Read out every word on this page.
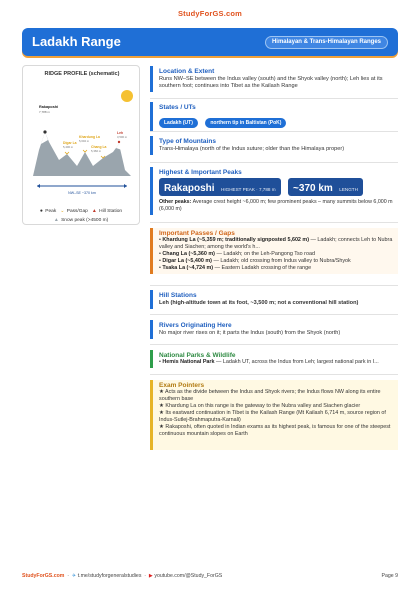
StudyForGS.com
Ladakh Range	Himalayan & Trans-Himalayan Ranges
RIDGE PROFILE (schematic)
Rakaposhi
7,788 m
Digar La
5,400 m
Khardung La
5,602 m
Chang La
5,360 m
Leh
3,500 m
NW–SE ~370 km
● Peak ⌄ Pass/Gap ▲ Hill Station
▲ Snow peak (>4500 m)
Location & Extent
Runs NW–SE between the Indus valley (south) and the Shyok valley (north); Leh lies at its southern foot; continues into Tibet as the Kailash Range
States / UTs
Ladakh (UT)	northern tip in Baltistan (PoK)
Type of Mountains
Trans-Himalaya (north of the Indus suture; older than the Himalaya proper)
Highest & Important Peaks
Rakaposhi HIGHEST PEAK · 7,788 m ~370 km LENGTH
Other peaks: Average crest height ~6,000 m; few prominent peaks – many summits below 6,000 m (6,000 m)
Important Passes / Gaps
• Khardung La (~5,359 m; traditionally signposted 5,602 m) — Ladakh; connects Leh to Nubra valley and Siachen; among the world's h...
• Chang La (~5,360 m) — Ladakh; on the Leh-Pangong Tso road
• Digar La (~5,400 m) — Ladakh; old crossing from Indus valley to Nubra/Shyok
• Tsaka La (~4,724 m) — Eastern Ladakh crossing of the range
Hill Stations
Leh (high-altitude town at its foot, ~3,500 m; not a conventional hill station)
Rivers Originating Here
No major river rises on it; it parts the Indus (south) from the Shyok (north)
National Parks & Wildlife
• Hemis National Park — Ladakh UT, across the Indus from Leh; largest national park in I...
Exam Pointers
★ Acts as the divide between the Indus and Shyok rivers; the Indus flows NW along its entire southern base
★ Khardung La on this range is the gateway to the Nubra valley and Siachen glacier
★ Its eastward continuation in Tibet is the Kailash Range (Mt Kailash 6,714 m, source region of Indus-Sutlej-Brahmaputra-Karnali)
★ Rakaposhi, often quoted in Indian exams as its highest peak, is famous for one of the steepest continuous mountain slopes on Earth
StudyForGS.com  ·  ✈ t.me/studyforgeneralstudies  ·  ▶ youtube.com/@Study_ForGS	Page 9
